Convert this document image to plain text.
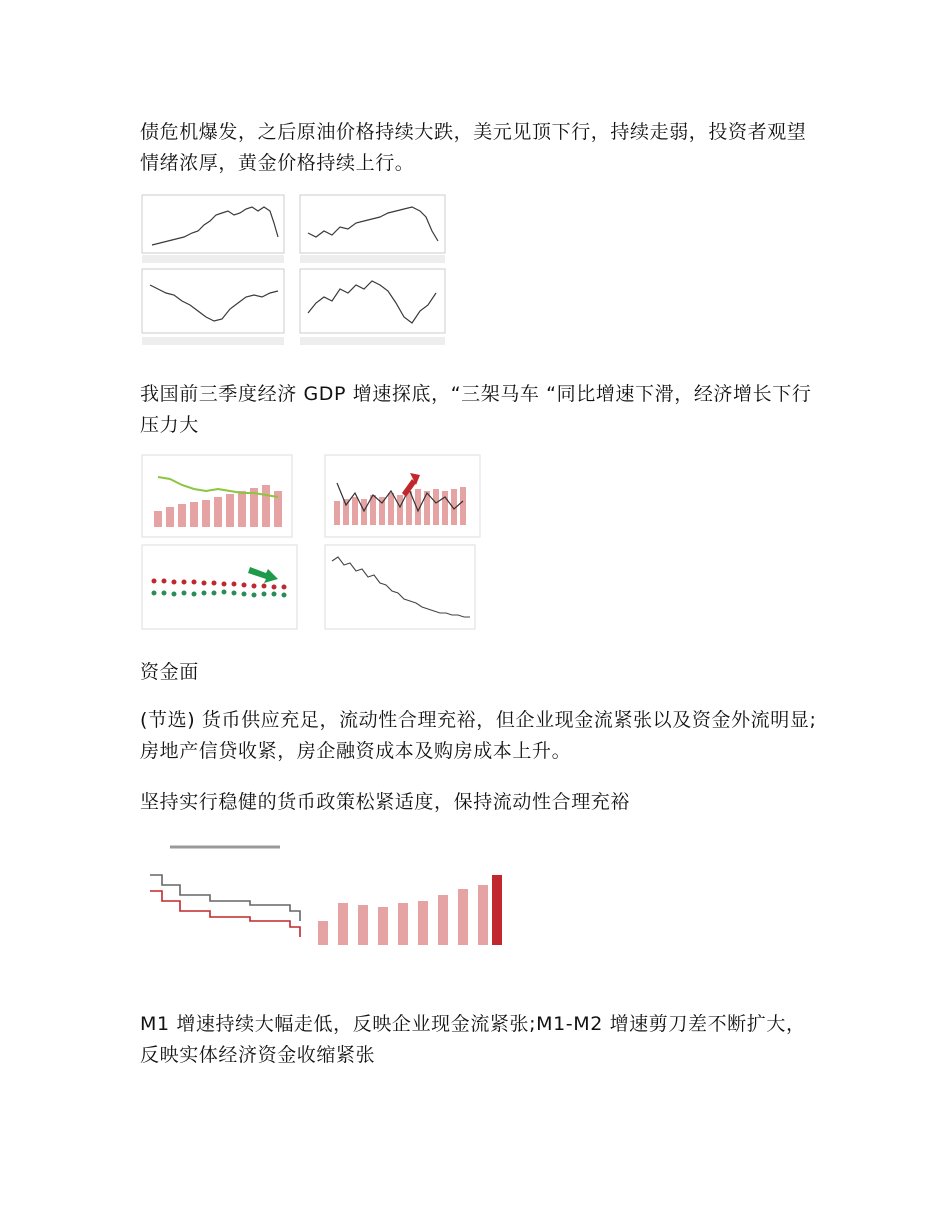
债危机爆发，之后原油价格持续大跌，美元见顶下行，持续走弱，投资者观望情绪浓厚，黄金价格持续上行。

我国前三季度经济 GDP 增速探底，“三架马车 “同比增速下滑，经济增长下行压力大

资金面

(节选) 货币供应充足，流动性合理充裕，但企业现金流紧张以及资金外流明显;房地产信贷收紧，房企融资成本及购房成本上升。

坚持实行稳健的货币政策松紧适度，保持流动性合理充裕

M1 增速持续大幅走低，反映企业现金流紧张;M1-M2 增速剪刀差不断扩大，反映实体经济资金收缩紧张
